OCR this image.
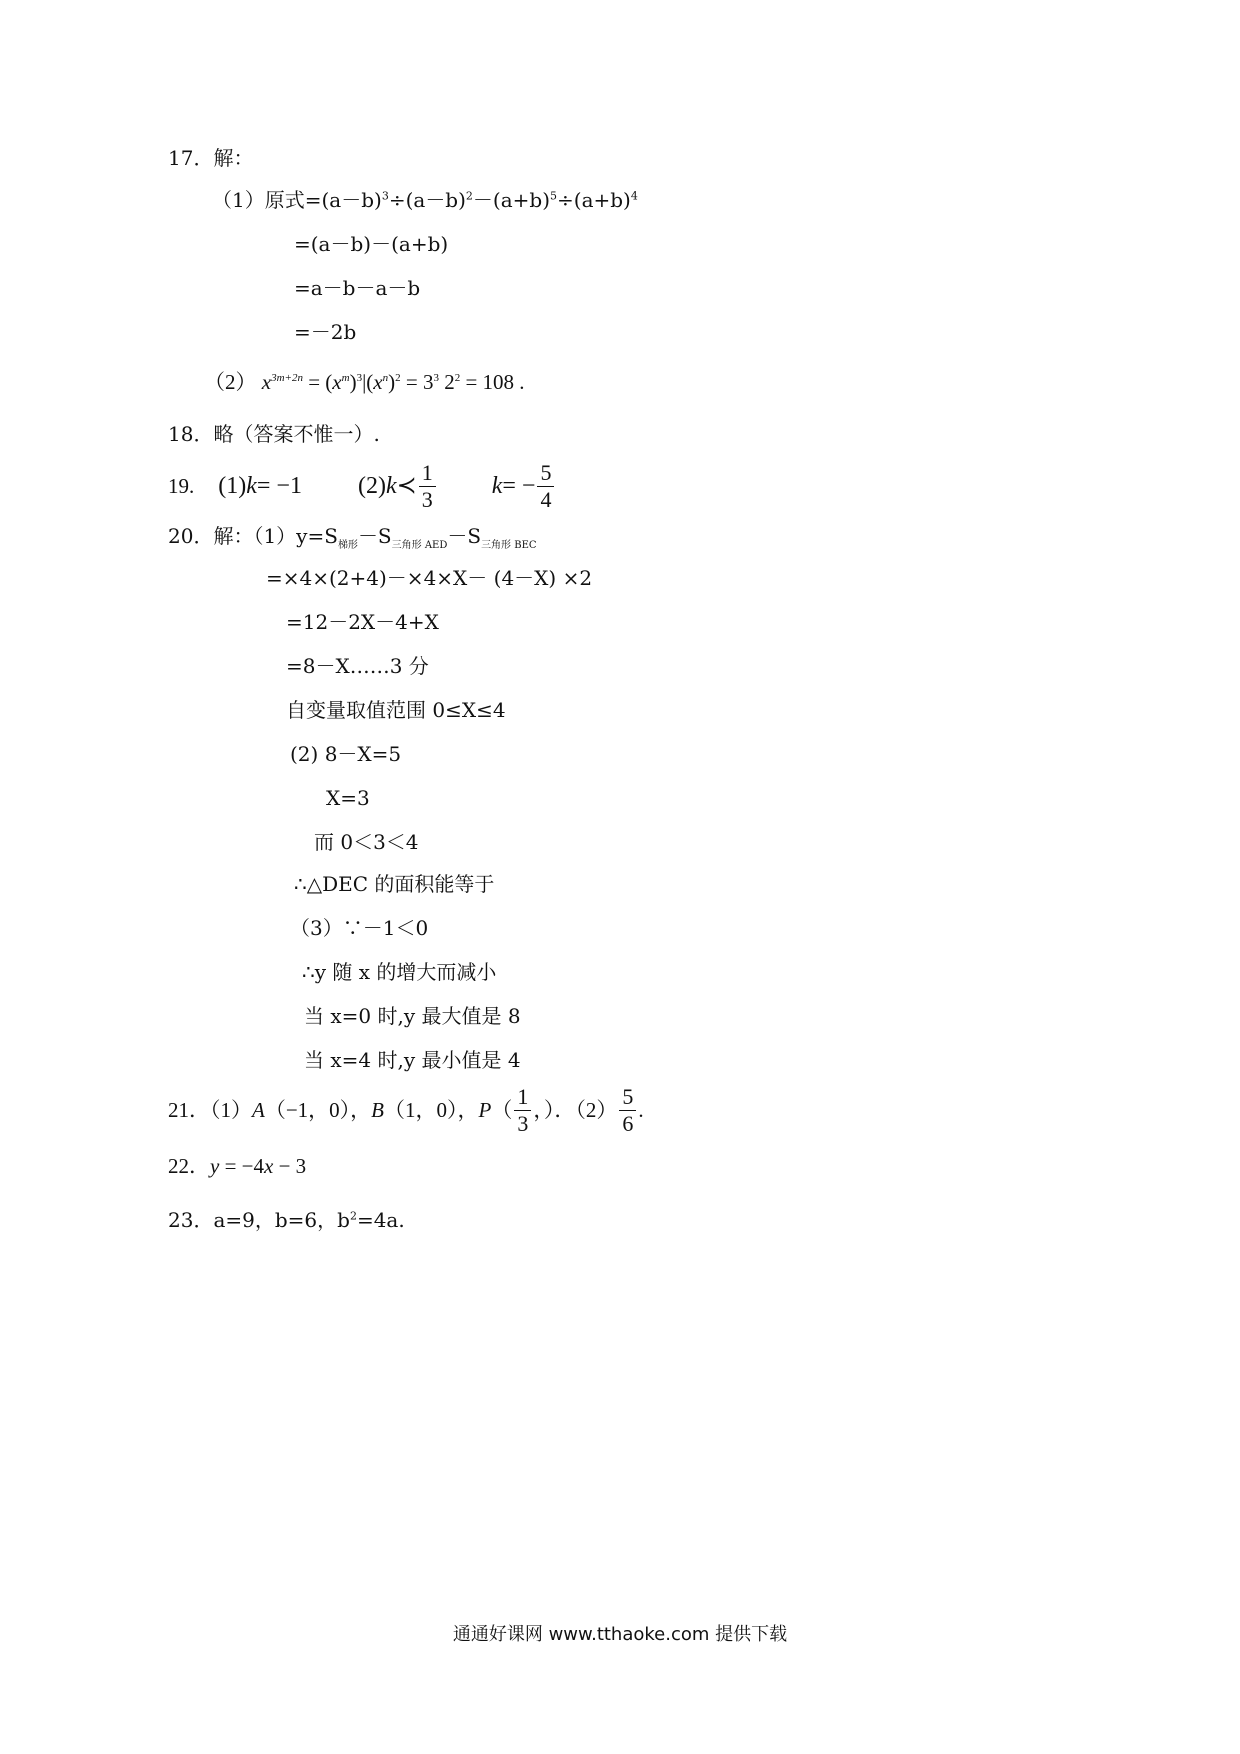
17．解：
（1）原式$=(a-b)^3\div(a-b)^2-(a+b)^5\div(a+b)^4$
=(a－b)－(a+b)
=a－b－a－b
=－2b
（2） $x^{3m+2n} = (x^m)^3|(x^n)^2 = 3^3$ $2^2 = 108$ .
18．略（答案不惟一）.
19. (1) k = −1 (2) k ≺ $\frac{1}{3}$ k = − $\frac{5}{4}$
20．解：$(1)y=S_{梯形}-S_{三角形 AED}-S_{三角形 BEC}$
=×4×(2+4)－×4×X－ (4－X) ×2
=12－2X－4+X
=8－X……3 分
自变量取值范围 0≤X≤4
(2) 8－X=5
X=3
而 0＜3＜4
∴△DEC 的面积能等于
（3）∵－1＜0
∴y 随 x 的增大而减小
当 x=0 时,y 最大值是 8
当 x=4 时,y 最小值是 4
21．（1） A （−1，0）， B （1，0）， P （ $\frac{1}{3}$ ，）．$(2) \frac{5}{6}$ .
22．y = −4x − 3
23．a=9，b=6，$b^2=4a$.
通通好课网 www.tthaoke.com 提供下载
